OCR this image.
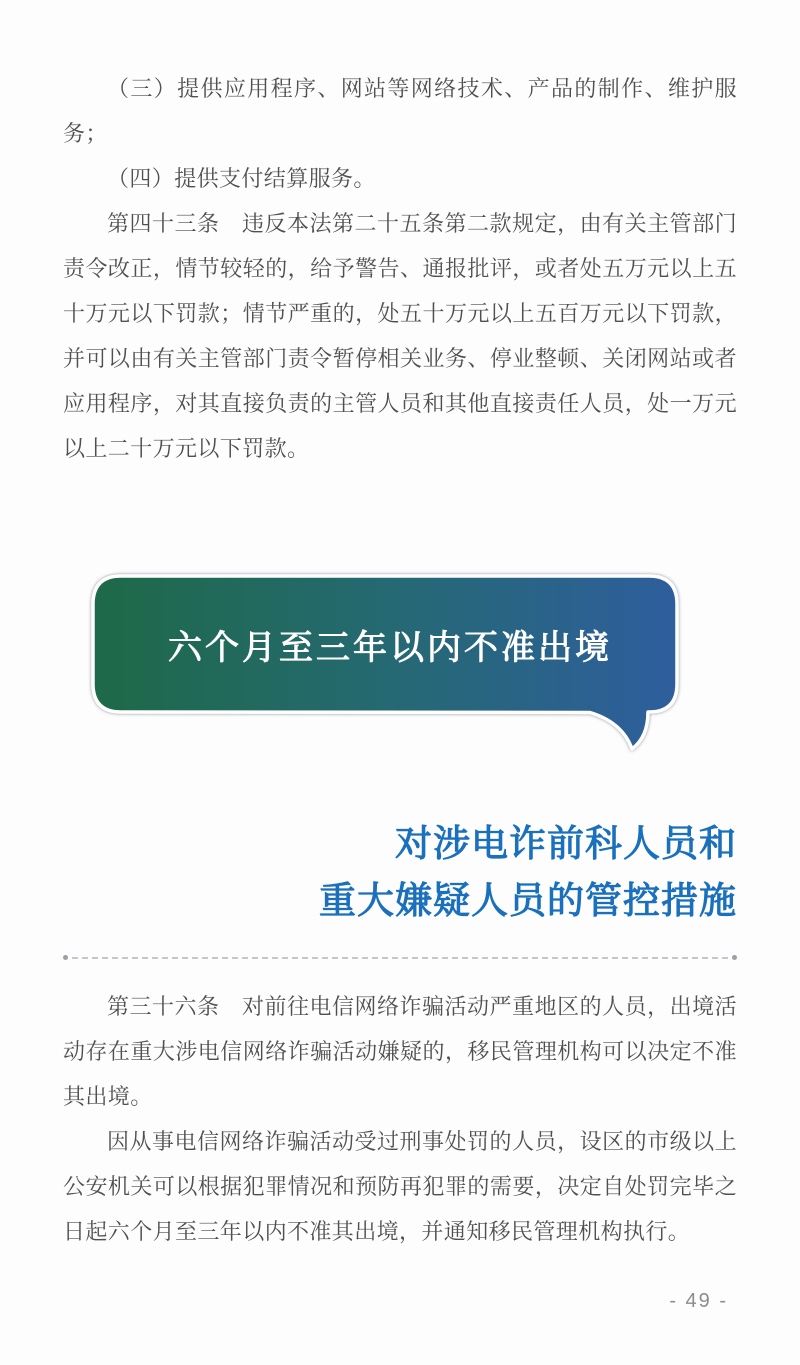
（三）提供应用程序、网站等网络技术、产品的制作、维护服务；

（四）提供支付结算服务。

第四十三条　违反本法第二十五条第二款规定，由有关主管部门责令改正，情节较轻的，给予警告、通报批评，或者处五万元以上五十万元以下罚款；情节严重的，处五十万元以上五百万元以下罚款，并可以由有关主管部门责令暂停相关业务、停业整顿、关闭网站或者应用程序，对其直接负责的主管人员和其他直接责任人员，处一万元以上二十万元以下罚款。

六个月至三年以内不准出境
对涉电诈前科人员和
重大嫌疑人员的管控措施

第三十六条　对前往电信网络诈骗活动严重地区的人员，出境活动存在重大涉电信网络诈骗活动嫌疑的，移民管理机构可以决定不准其出境。

因从事电信网络诈骗活动受过刑事处罚的人员，设区的市级以上公安机关可以根据犯罪情况和预防再犯罪的需要，决定自处罚完毕之日起六个月至三年以内不准其出境，并通知移民管理机构执行。

- 49 -
